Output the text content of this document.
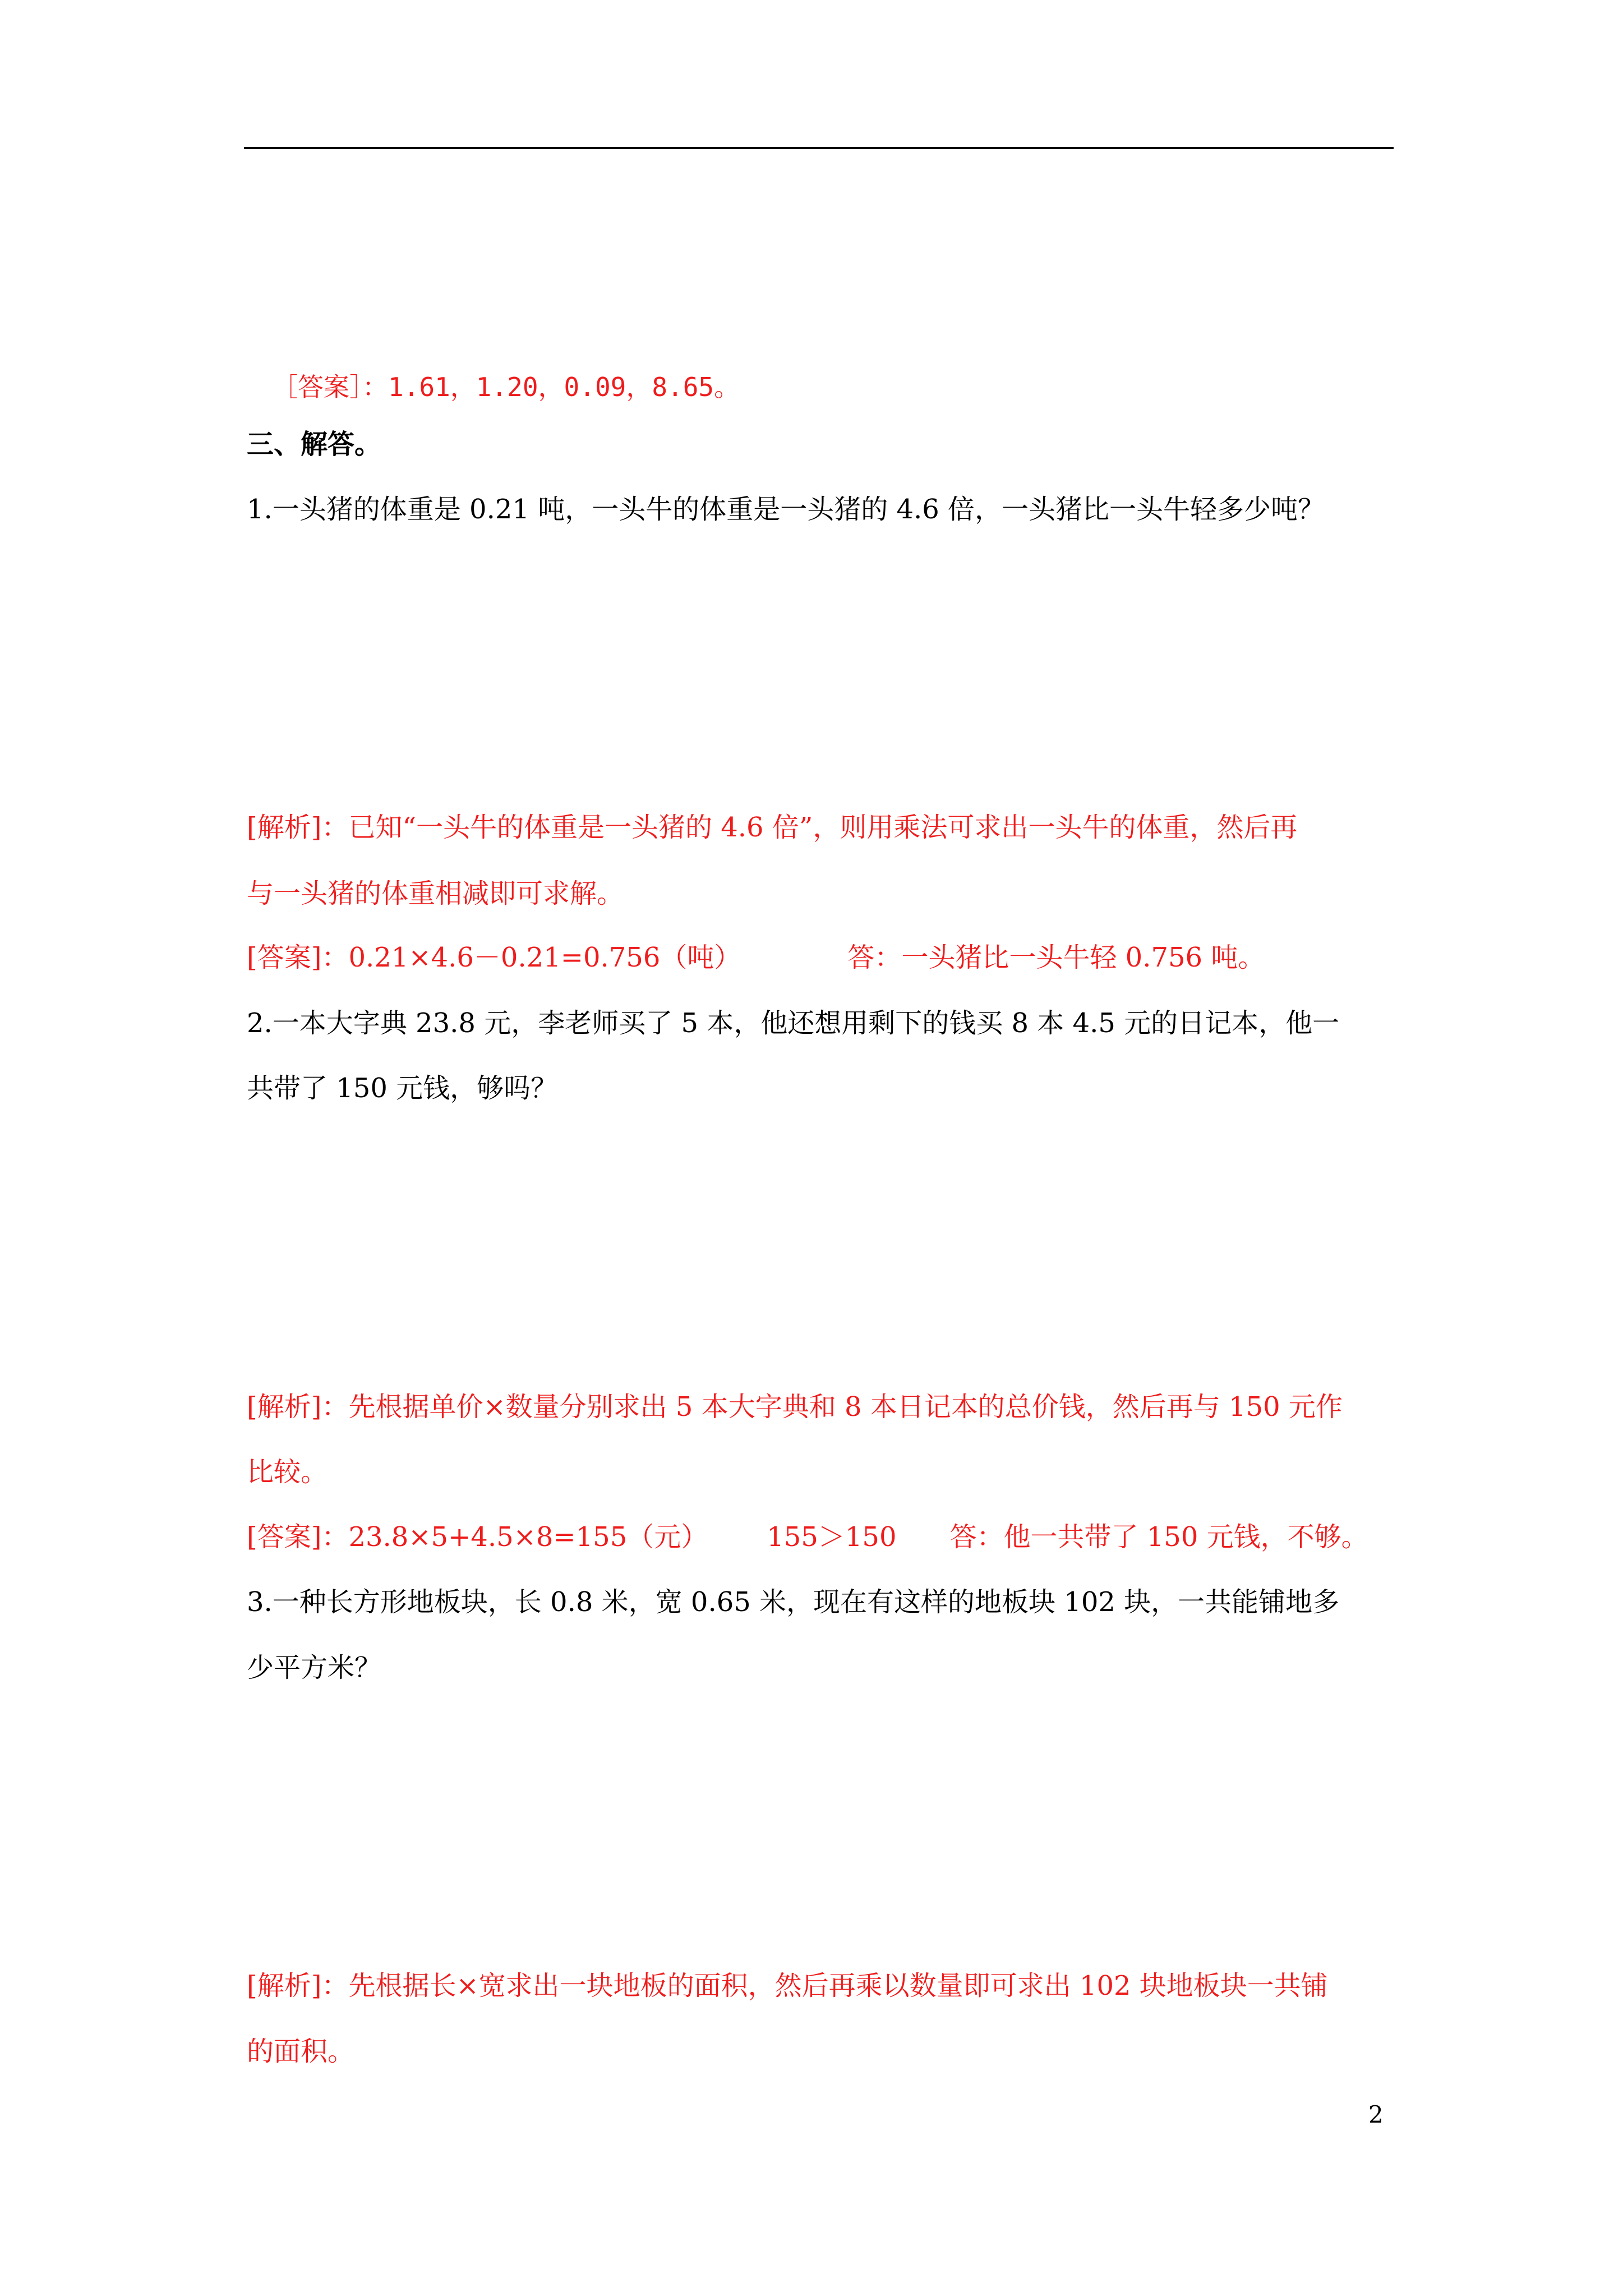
［答案］：1.61，1.20，0.09，8.65。
三、解答。
1.一头猪的体重是 0.21 吨，一头牛的体重是一头猪的 4.6 倍，一头猪比一头牛轻多少吨？
[解析]：已知“一头牛的体重是一头猪的 4.6 倍”，则用乘法可求出一头牛的体重，然后再
与一头猪的体重相减即可求解。
[答案]：0.21×4.6－0.21=0.756（吨）	答：一头猪比一头牛轻 0.756 吨。
2.一本大字典 23.8 元，李老师买了 5 本，他还想用剩下的钱买 8 本 4.5 元的日记本，他一
共带了 150 元钱，够吗？
[解析]：先根据单价×数量分别求出 5 本大字典和 8 本日记本的总价钱，然后再与 150 元作
比较。
[答案]：23.8×5+4.5×8=155（元） 155＞150 答：他一共带了 150 元钱，不够。
3.一种长方形地板块，长 0.8 米，宽 0.65 米，现在有这样的地板块 102 块，一共能铺地多
少平方米？
[解析]：先根据长×宽求出一块地板的面积，然后再乘以数量即可求出 102 块地板块一共铺
的面积。
2
